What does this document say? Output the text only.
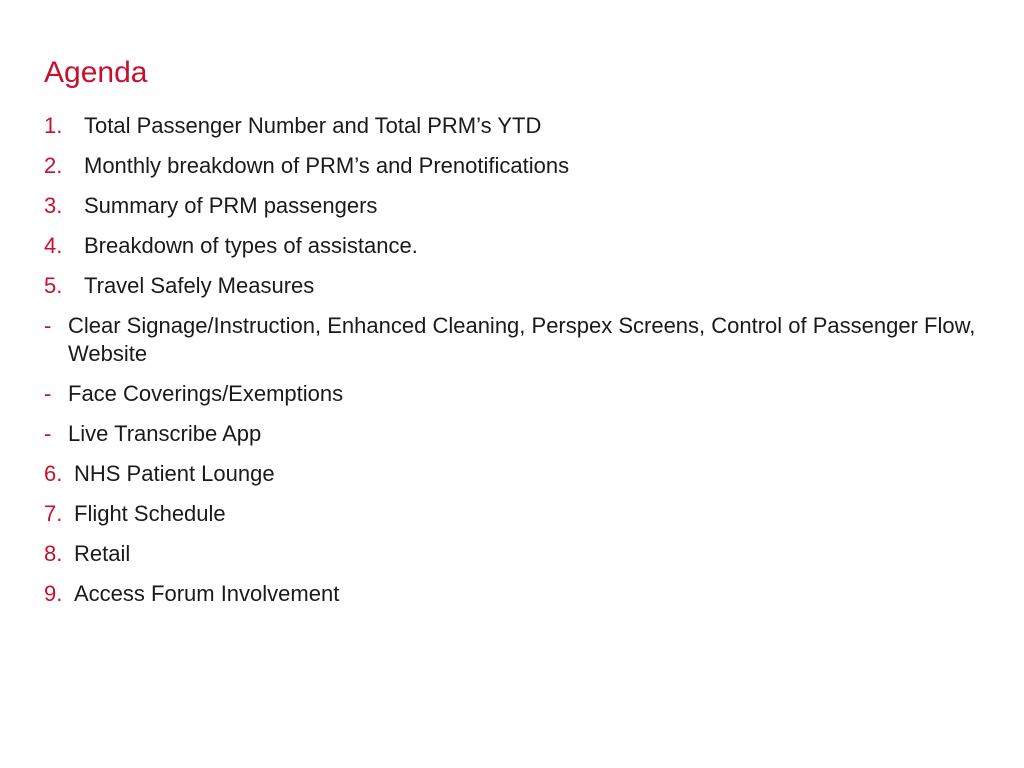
Agenda
1. Total Passenger Number and Total PRM’s YTD
2. Monthly breakdown of PRM’s and Prenotifications
3. Summary of PRM passengers
4. Breakdown of types of assistance.
5. Travel Safely Measures
- Clear Signage/Instruction, Enhanced Cleaning, Perspex Screens, Control of Passenger Flow, Website
- Face Coverings/Exemptions
- Live Transcribe App
6. NHS Patient Lounge
7. Flight Schedule
8. Retail
9. Access Forum Involvement
